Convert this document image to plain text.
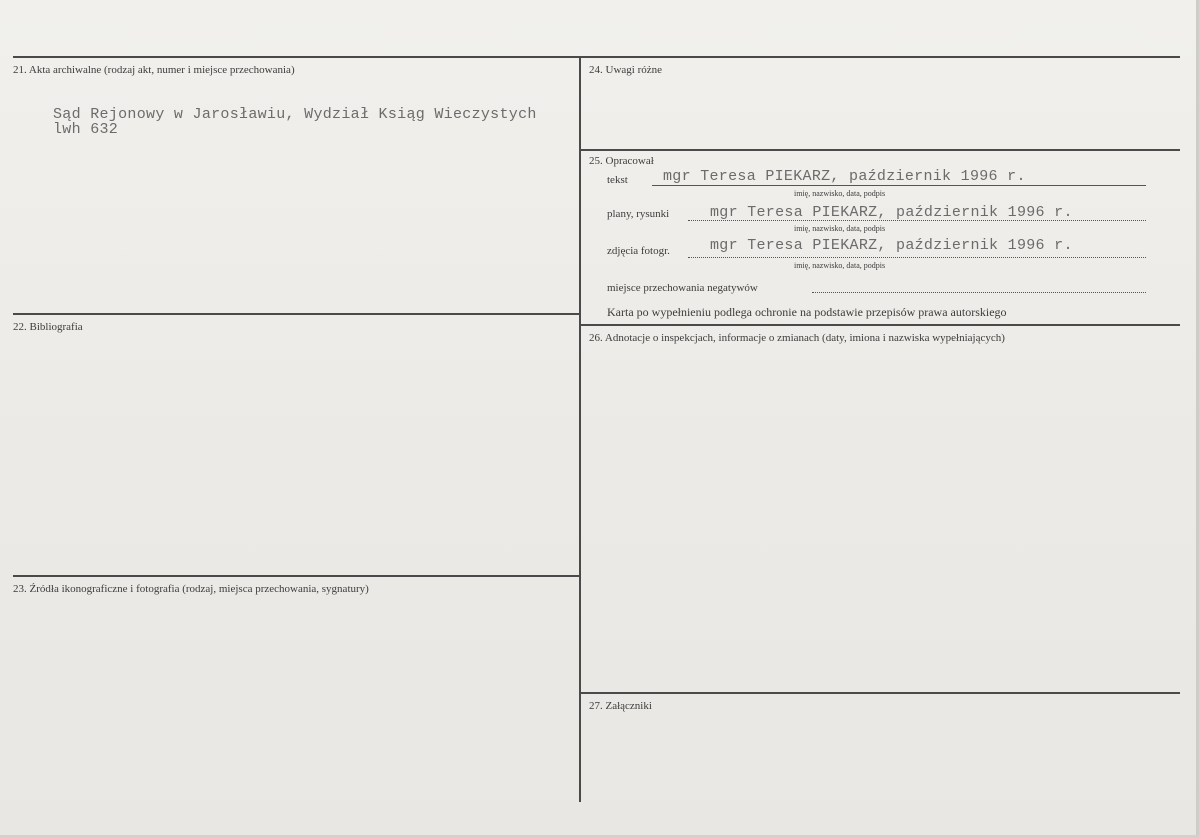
21. Akta archiwalne (rodzaj akt, numer i miejsce przechowania)
Sąd Rejonowy w Jarosławiu, Wydział Ksiąg Wieczystych
lwh 632
22. Bibliografia
23. Źródła ikonograficzne i fotografia (rodzaj, miejsca przechowania, sygnatury)
24. Uwagi różne
25. Opracował
tekst mgr Teresa PIEKARZ, październik 1996 r.
imię, nazwisko, data, podpis
plany, rysunki	mgr Teresa PIEKARZ, październik 1996 r.
imię, nazwisko, data, podpis
zdjęcia fotogr.	mgr Teresa PIEKARZ, październik 1996 r.
imię, nazwisko, data, podpis
miejsce przechowania negatywów
Karta po wypełnieniu podlega ochronie na podstawie przepisów prawa autorskiego
26. Adnotacje o inspekcjach, informacje o zmianach (daty, imiona i nazwiska wypełniających)
27. Załączniki
